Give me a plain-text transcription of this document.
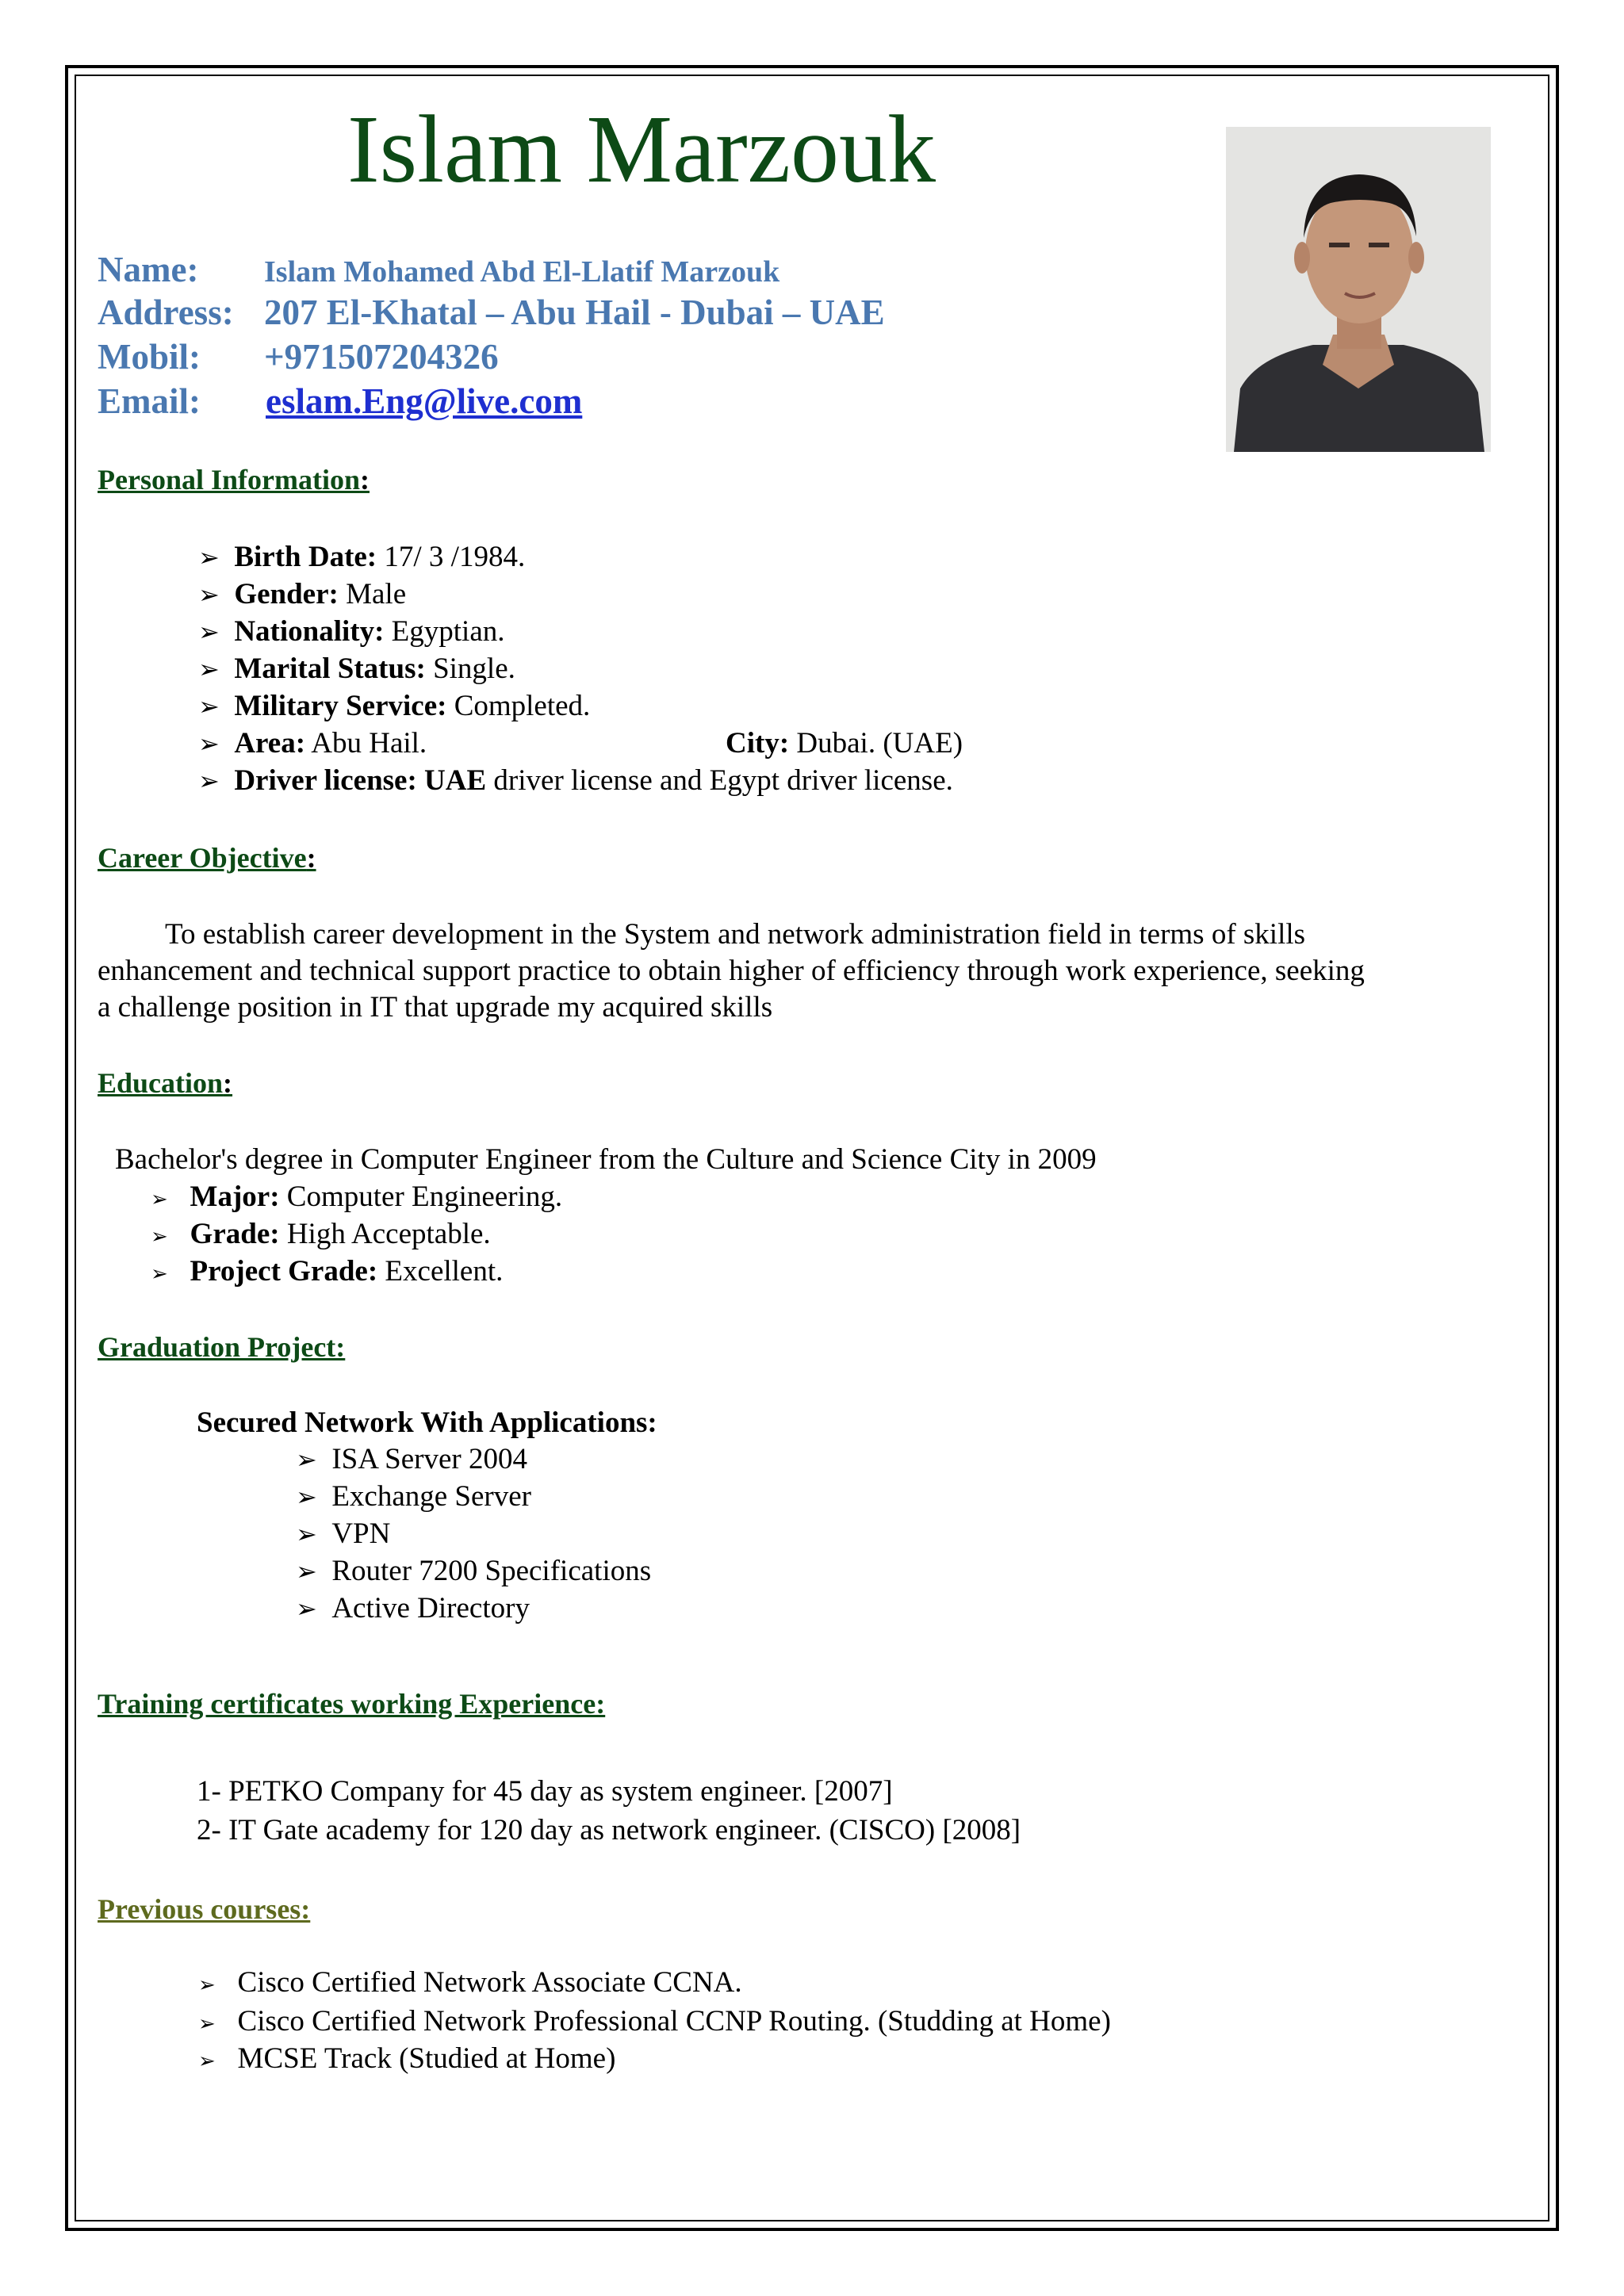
Islam Marzouk
Name: Islam Mohamed Abd El-Llatif Marzouk
Address: 207 El-Khatal – Abu Hail - Dubai – UAE
Mobil: +971507204326
Email: eslam.Eng@live.com
Personal Information:
➢ Birth Date: 17/ 3 /1984.
➢ Gender: Male
➢ Nationality: Egyptian.
➢ Marital Status: Single.
➢ Military Service: Completed.
➢ Area: Abu Hail.	City: Dubai. (UAE)
➢ Driver license: UAE driver license and Egypt driver license.
Career Objective:
To establish career development in the System and network administration field in terms of skills
enhancement and technical support practice to obtain higher of efficiency through work experience, seeking
a challenge position in IT that upgrade my acquired skills
Education:
Bachelor's degree in Computer Engineer from the Culture and Science City in 2009
➢ Major: Computer Engineering.
➢ Grade: High Acceptable.
➢ Project Grade: Excellent.
Graduation Project:
Secured Network With Applications:
➢ ISA Server 2004
➢ Exchange Server
➢ VPN
➢ Router 7200 Specifications
➢ Active Directory
Training certificates working Experience:
1- PETKO Company for 45 day as system engineer. [2007]
2- IT Gate academy for 120 day as network engineer. (CISCO) [2008]
Previous courses:
➢ Cisco Certified Network Associate CCNA.
➢ Cisco Certified Network Professional CCNP Routing. (Studding at Home)
➢ MCSE Track (Studied at Home)
